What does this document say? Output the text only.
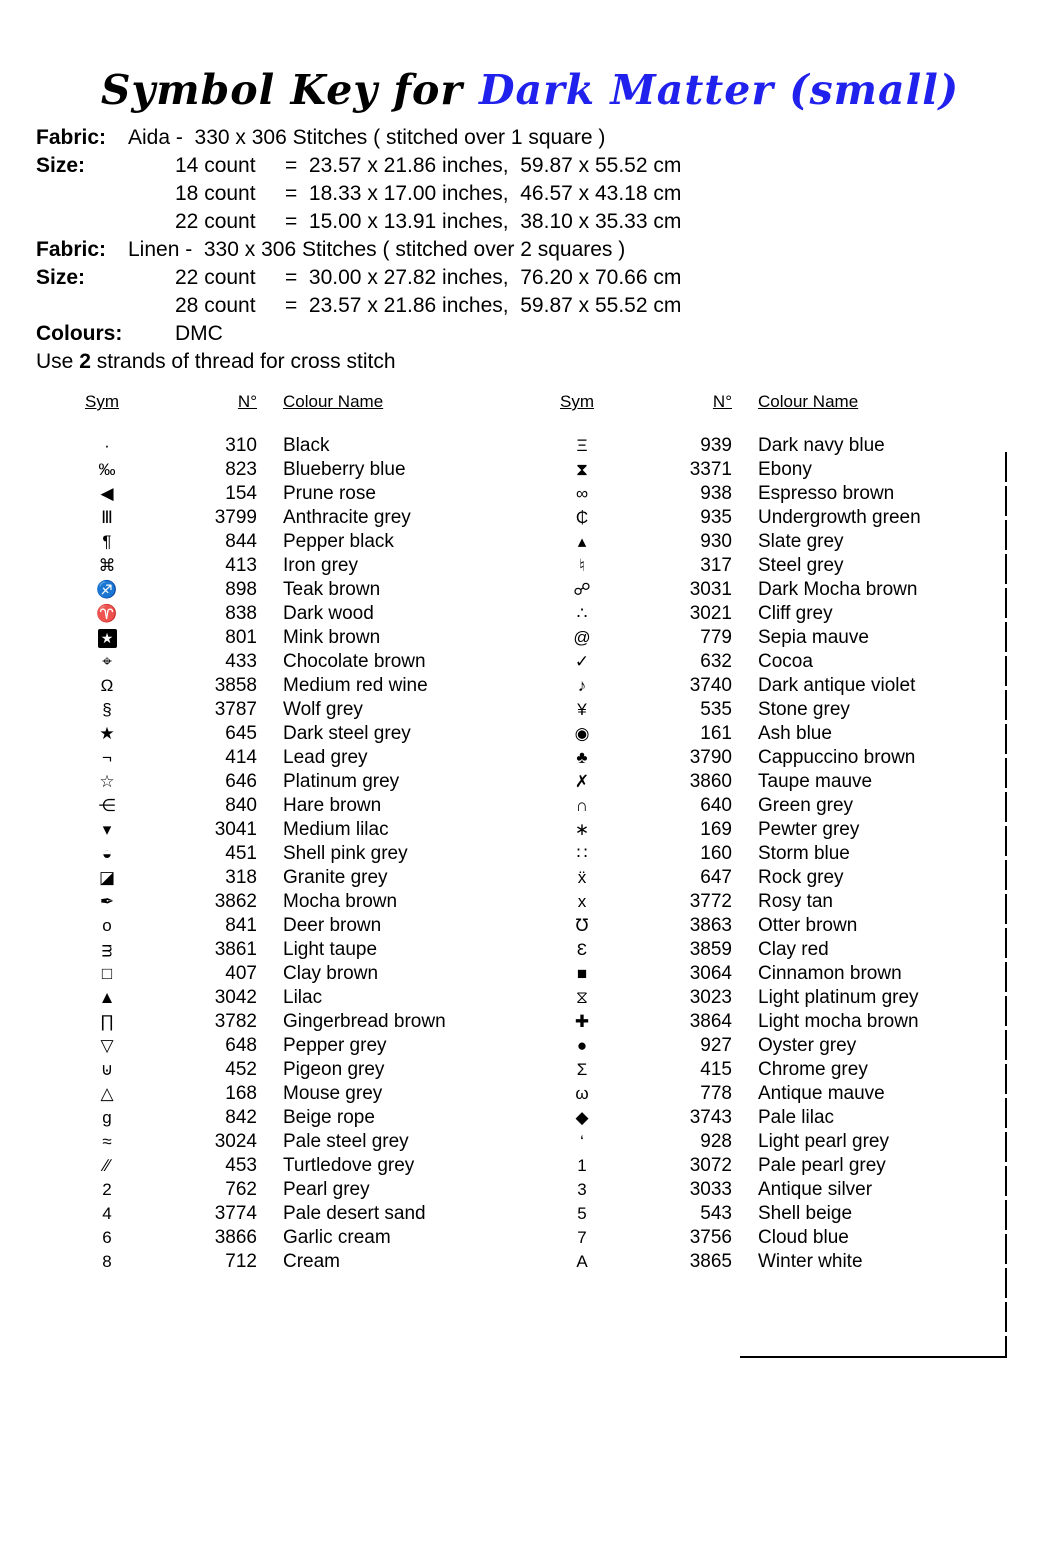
Symbol Key for Dark Matter (small)
Fabric:	Aida -  330 x 306 Stitches ( stitched over 1 square )
Size:	14 count	=  23.57 x 21.86 inches,  59.87 x 55.52 cm
18 count	=  18.33 x 17.00 inches,  46.57 x 43.18 cm
22 count	=  15.00 x 13.91 inches,  38.10 x 35.33 cm
Fabric:	Linen -  330 x 306 Stitches ( stitched over 2 squares )
Size:	22 count	=  30.00 x 27.82 inches,  76.20 x 70.66 cm
28 count	=  23.57 x 21.86 inches,  59.87 x 55.52 cm
Colours:	DMC
Use 2 strands of thread for cross stitch
Sym	N°	Colour Name
·	310	Black
‰	823	Blueberry blue
◀	154	Prune rose
Ⅲ	3799	Anthracite grey
¶	844	Pepper black
⌘	413	Iron grey
♐	898	Teak brown
♈	838	Dark wood
★	801	Mink brown
⌖	433	Chocolate brown
Ω	3858	Medium red wine
§	3787	Wolf grey
★	645	Dark steel grey
¬	414	Lead grey
☆	646	Platinum grey
⋲	840	Hare brown
▾	3041	Medium lilac
◒	451	Shell pink grey
◪	318	Granite grey
✒	3862	Mocha brown
o	841	Deer brown
ᴟ	3861	Light taupe
□	407	Clay brown
▲	3042	Lilac
∏	3782	Gingerbread brown
▽	648	Pepper grey
⊍	452	Pigeon grey
△	168	Mouse grey
g	842	Beige rope
≈	3024	Pale steel grey
∕∕	453	Turtledove grey
2	762	Pearl grey
4	3774	Pale desert sand
6	3866	Garlic cream
8	712	Cream
Sym	N°	Colour Name
Ξ	939	Dark navy blue
⧗	3371	Ebony
∞	938	Espresso brown
₵	935	Undergrowth green
▴	930	Slate grey
♮	317	Steel grey
☍	3031	Dark Mocha brown
∴	3021	Cliff grey
@	779	Sepia mauve
✓	632	Cocoa
♪	3740	Dark antique violet
¥	535	Stone grey
◉	161	Ash blue
♣	3790	Cappuccino brown
✗	3860	Taupe mauve
∩	640	Green grey
∗	169	Pewter grey
∷	160	Storm blue
ẍ	647	Rock grey
x	3772	Rosy tan
℧	3863	Otter brown
Ɛ	3859	Clay red
■	3064	Cinnamon brown
⧖	3023	Light platinum grey
✚	3864	Light mocha brown
●	927	Oyster grey
Σ	415	Chrome grey
ω	778	Antique mauve
◆	3743	Pale lilac
‘	928	Light pearl grey
1	3072	Pale pearl grey
3	3033	Antique silver
5	543	Shell beige
7	3756	Cloud blue
A	3865	Winter white
